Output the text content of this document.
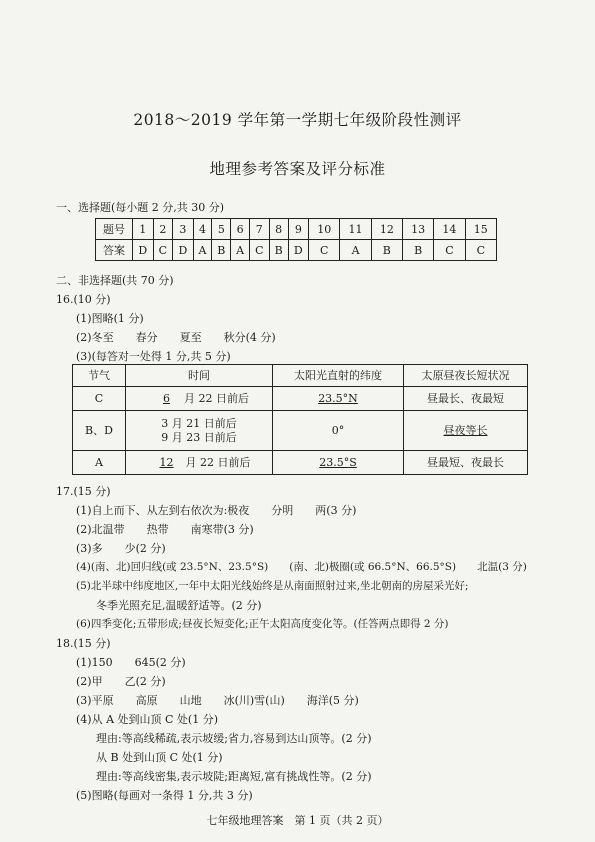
2018～2019 学年第一学期七年级阶段性测评
地理参考答案及评分标准
一、选择题(每小题 2 分,共 30 分)
题号	1	2	3	4	5	6	7	8	9	10	11	12	13	14	15
答案	D	C	D	A	B	A	C	B	D	C	A	B	B	C	C
二、非选择题(共 70 分)
16.(10 分)
(1)图略(1 分)
(2)冬至　　春分　　夏至　　秋分(4 分)
(3)(每答对一处得 1 分,共 5 分)
节气	时间	太阳光直射的纬度	太原昼夜长短状况
C	6 月 22 日前后	23.5°N	昼最长、夜最短
B、D	3 月 21 日前后
9 月 23 日前后	0°	昼夜等长
A	12 月 22 日前后	23.5°S	昼最短、夜最长
17.(15 分)
(1)自上而下、从左到右依次为:极夜　　分明　　两(3 分)
(2)北温带　　热带　　南寒带(3 分)
(3)多　　少(2 分)
(4)(南、北)回归线(或 23.5°N、23.5°S)　　(南、北)极圈(或 66.5°N、66.5°S)　　北温(3 分)
(5)北半球中纬度地区,一年中太阳光线始终是从南面照射过来,坐北朝南的房屋采光好;
冬季光照充足,温暖舒适等。(2 分)
(6)四季变化;五带形成;昼夜长短变化;正午太阳高度变化等。(任答两点即得 2 分)
18.(15 分)
(1)150　　645(2 分)
(2)甲　　乙(2 分)
(3)平原　　高原　　山地　　冰(川)雪(山)　　海洋(5 分)
(4)从 A 处到山顶 C 处(1 分)
理由:等高线稀疏,表示坡缓;省力,容易到达山顶等。(2 分)
从 B 处到山顶 C 处(1 分)
理由:等高线密集,表示坡陡;距离短,富有挑战性等。(2 分)
(5)图略(每画对一条得 1 分,共 3 分)
七年级地理答案　第 1 页（共 2 页）
